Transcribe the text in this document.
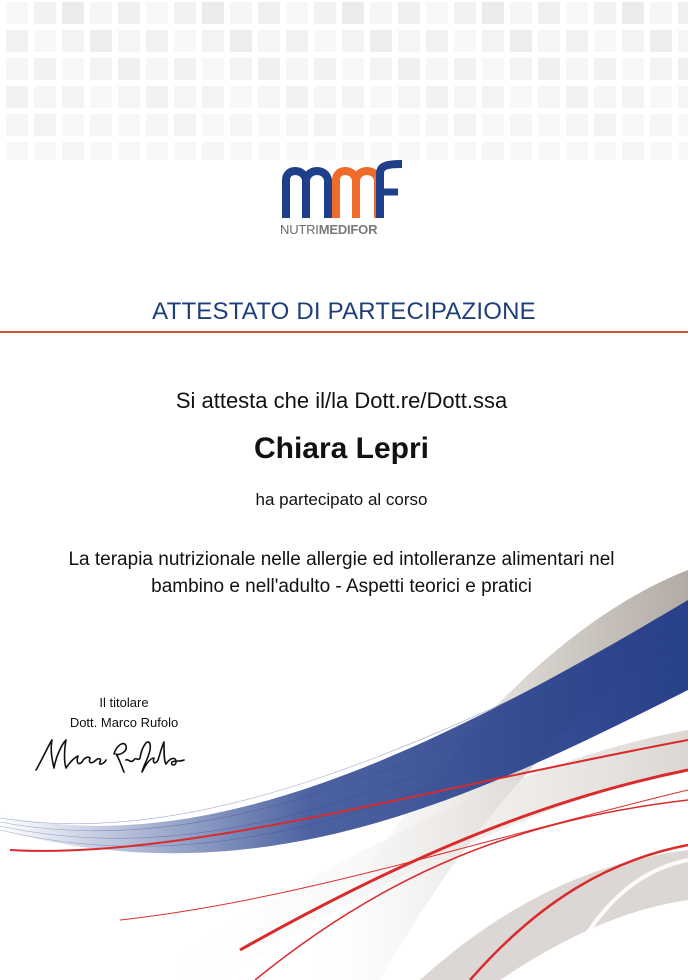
NUTRIMEDIFOR
ATTESTATO DI PARTECIPAZIONE
Si attesta che il/la Dott.re/Dott.ssa
Chiara Lepri
ha partecipato al corso
La terapia nutrizionale nelle allergie ed intolleranze alimentari nel
bambino e nell'adulto - Aspetti teorici e pratici
Il titolare
Dott. Marco Rufolo
